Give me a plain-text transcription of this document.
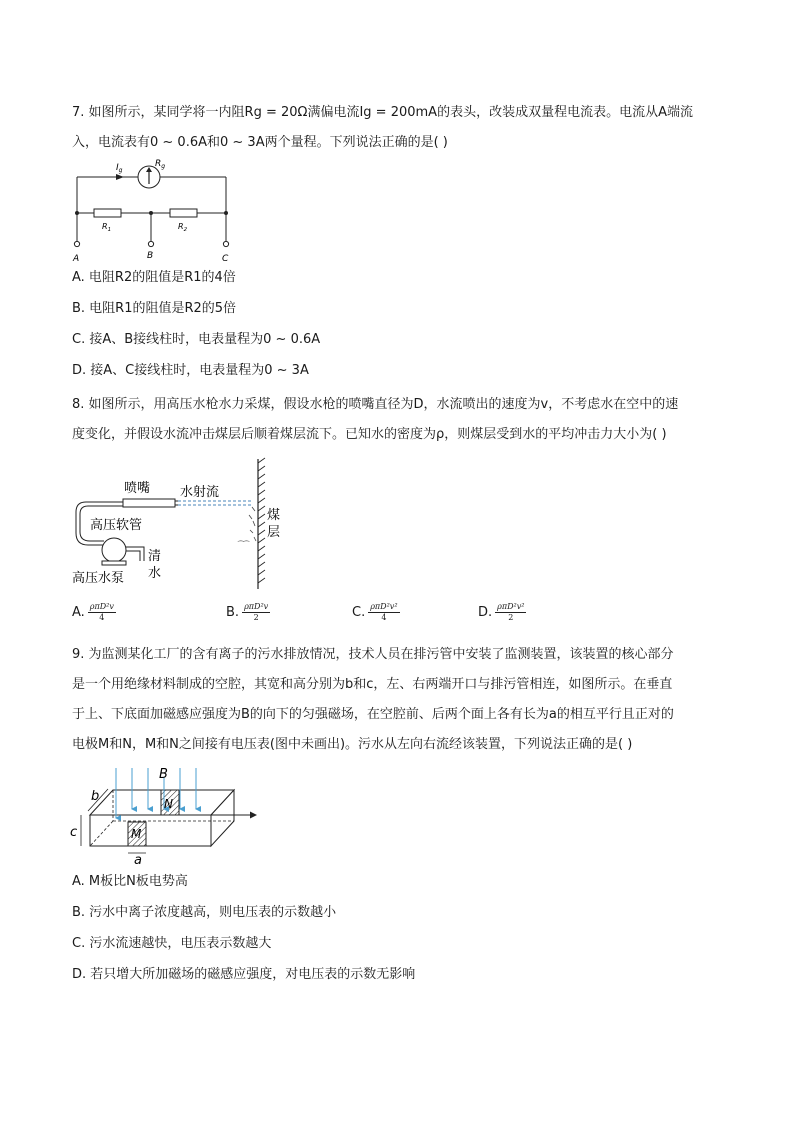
7. 如图所示，某同学将一内阻Rg = 20Ω满偏电流Ig = 200mA的表头，改装成双量程电流表。电流从A端流
入，电流表有0 ~ 0.6A和0 ~ 3A两个量程。下列说法正确的是( )
$I_g$
$R_g$
$R_1$	$R_2$
A	B	C
A. 电阻R2的阻值是R1的4倍
B. 电阻R1的阻值是R2的5倍
C. 接A、B接线柱时，电表量程为0 ~ 0.6A
D. 接A、C接线柱时，电表量程为0 ~ 3A
8. 如图所示，用高压水枪水力采煤，假设水枪的喷嘴直径为D，水流喷出的速度为v，不考虑水在空中的速
度变化，并假设水流冲击煤层后顺着煤层流下。已知水的密度为ρ，则煤层受到水的平均冲击力大小为( )
⁀⁀
喷嘴 水射流
高压软管
煤
层
清
水
高压水泵
A. $\frac{\text{ρπD²v}}{4}$	B. $\frac{\text{ρπD²v}}{2}$	C. $\frac{\text{ρπD²v²}}{4}$	D. $\frac{\text{ρπD²v²}}{2}$
9. 为监测某化工厂的含有离子的污水排放情况，技术人员在排污管中安装了监测装置，该装置的核心部分
是一个用绝缘材料制成的空腔，其宽和高分别为b和c，左、右两端开口与排污管相连，如图所示。在垂直
于上、下底面加磁感应强度为B的向下的匀强磁场，在空腔前、后两个面上各有长为a的相互平行且正对的
电极M和N，M和N之间接有电压表(图中未画出)。污水从左向右流经该装置，下列说法正确的是( )
B
b
c
N
M
a
A. M板比N板电势高
B. 污水中离子浓度越高，则电压表的示数越小
C. 污水流速越快，电压表示数越大
D. 若只增大所加磁场的磁感应强度，对电压表的示数无影响
